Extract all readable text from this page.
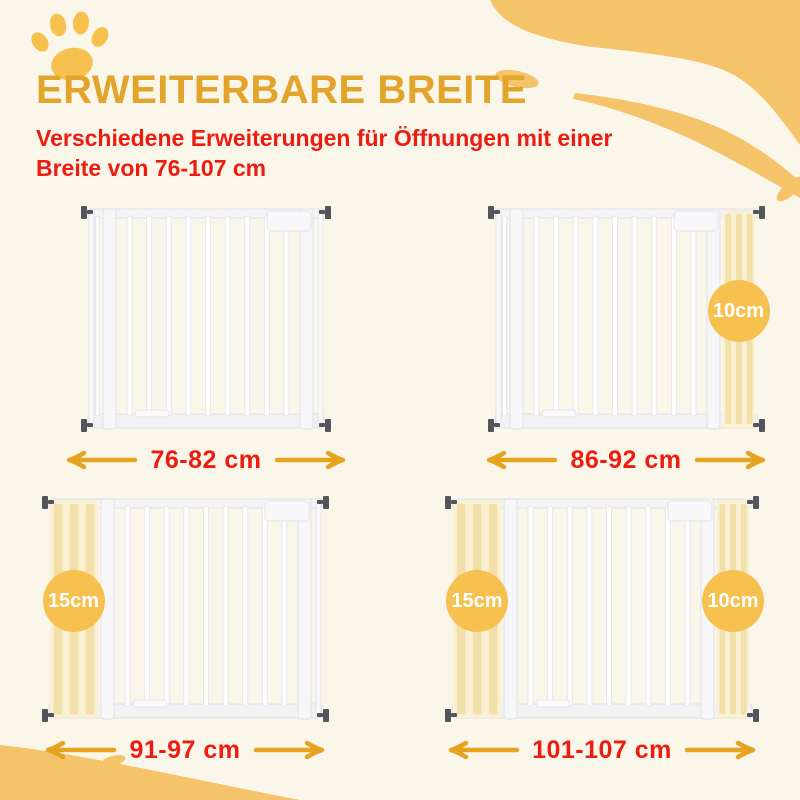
ERWEITERBARE BREITE
Verschiedene Erweiterungen für Öffnungen mit einer
Breite von 76-107 cm
76-82 cm
10cm
86-92 cm
15cm
91-97 cm
15cm	10cm
101-107 cm
